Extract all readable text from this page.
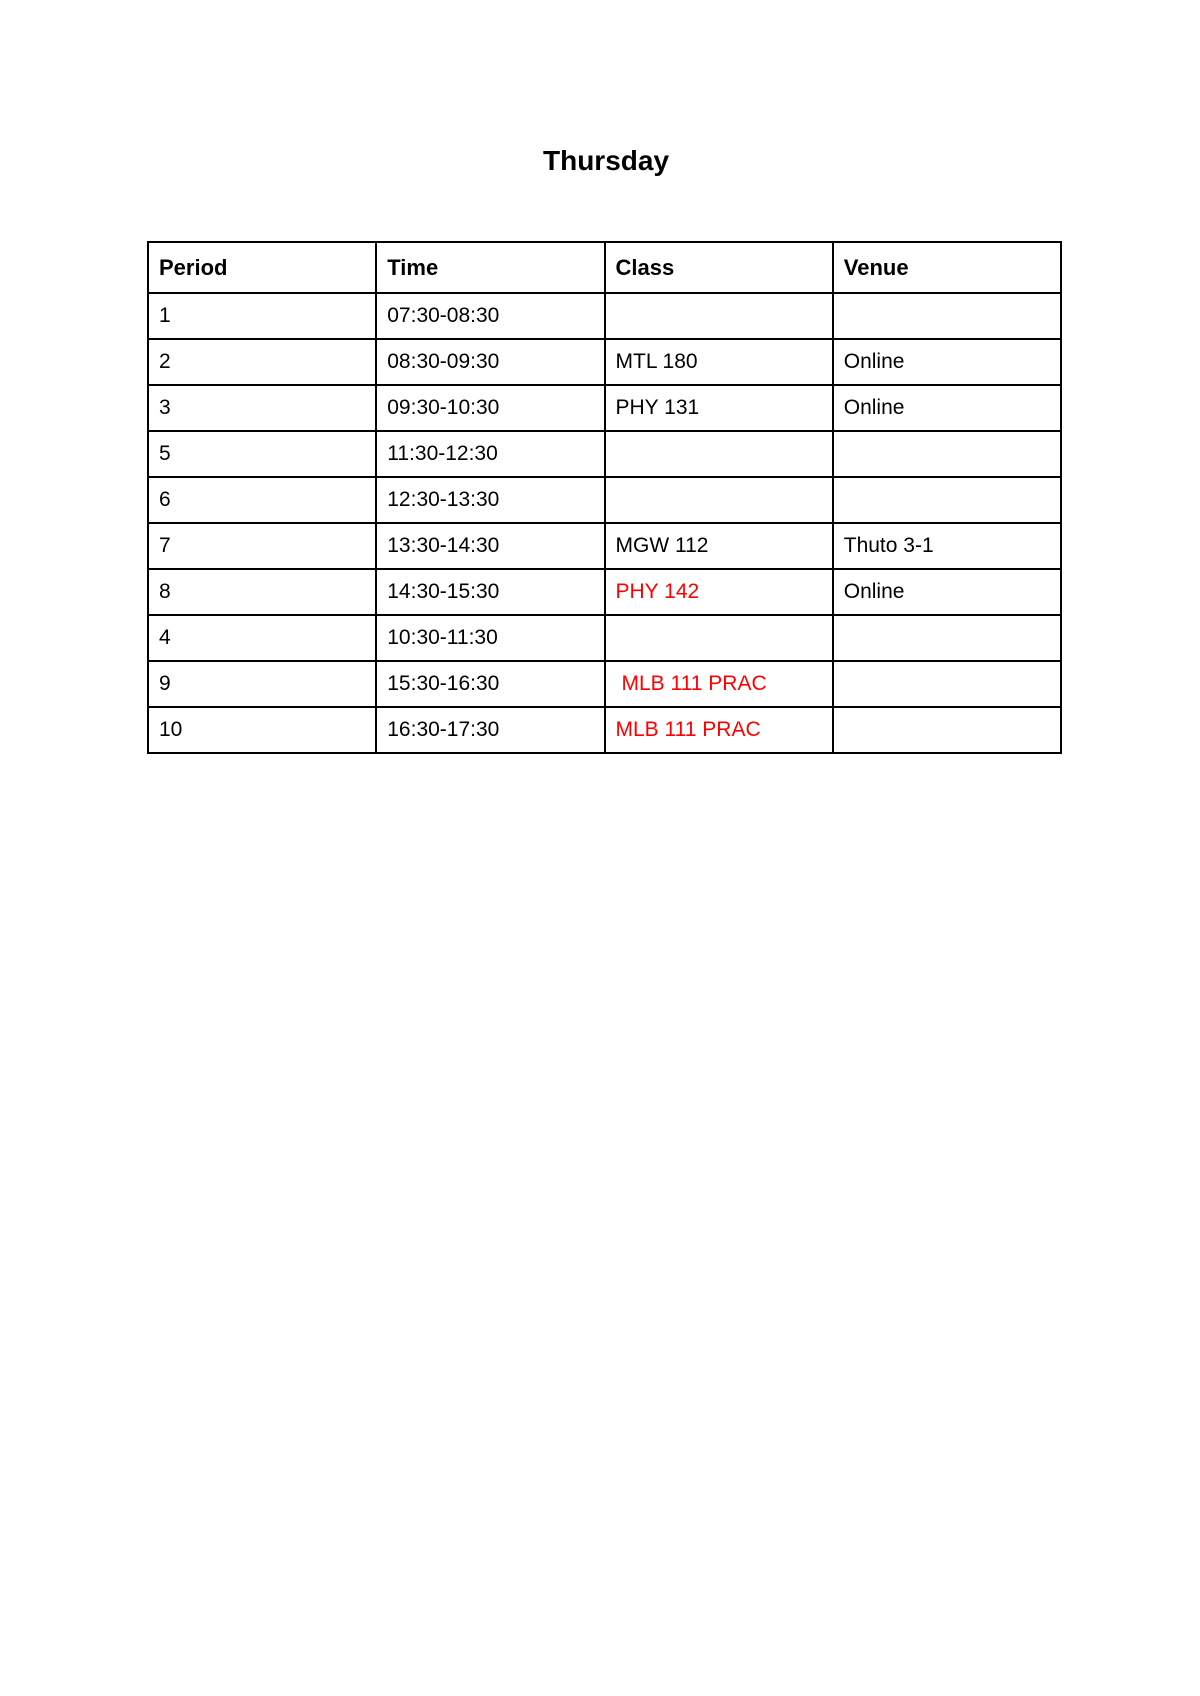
Thursday
Period	Time	Class	Venue
1	07:30-08:30		
2	08:30-09:30	MTL 180	Online
3	09:30-10:30	PHY 131	Online
5	11:30-12:30		
6	12:30-13:30		
7	13:30-14:30	MGW 112	Thuto 3-1
8	14:30-15:30	PHY 142	Online
4	10:30-11:30		
9	15:30-16:30	MLB 111 PRAC	
10	16:30-17:30	MLB 111 PRAC	
